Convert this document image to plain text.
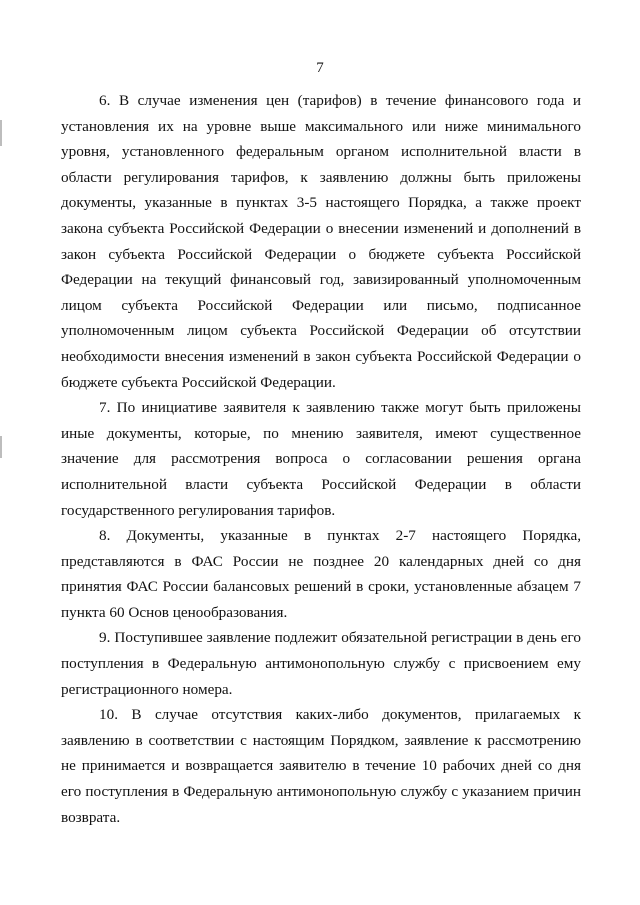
7

6. В случае изменения цен (тарифов) в течение финансового года и установления их на уровне выше максимального или ниже минимального уровня, установленного федеральным органом исполнительной власти в области регулирования тарифов, к заявлению должны быть приложены документы, указанные в пунктах 3-5 настоящего Порядка, а также проект закона субъекта Российской Федерации о внесении изменений и дополнений в закон субъекта Российской Федерации о бюджете субъекта Российской Федерации на текущий финансовый год, завизированный уполномоченным лицом субъекта Российской Федерации или письмо, подписанное уполномоченным лицом субъекта Российской Федерации об отсутствии необходимости внесения изменений в закон субъекта Российской Федерации о бюджете субъекта Российской Федерации.

7. По инициативе заявителя к заявлению также могут быть приложены иные документы, которые, по мнению заявителя, имеют существенное значение для рассмотрения вопроса о согласовании решения органа исполнительной власти субъекта Российской Федерации в области государственного регулирования тарифов.

8. Документы, указанные в пунктах 2-7 настоящего Порядка, представляются в ФАС России не позднее 20 календарных дней со дня принятия ФАС России балансовых решений в сроки, установленные абзацем 7 пункта 60 Основ ценообразования.

9. Поступившее заявление подлежит обязательной регистрации в день его поступления в Федеральную антимонопольную службу с присвоением ему регистрационного номера.

10. В случае отсутствия каких-либо документов, прилагаемых к заявлению в соответствии с настоящим Порядком, заявление к рассмотрению не принимается и возвращается заявителю в течение 10 рабочих дней со дня его поступления в Федеральную антимонопольную службу с указанием причин возврата.
